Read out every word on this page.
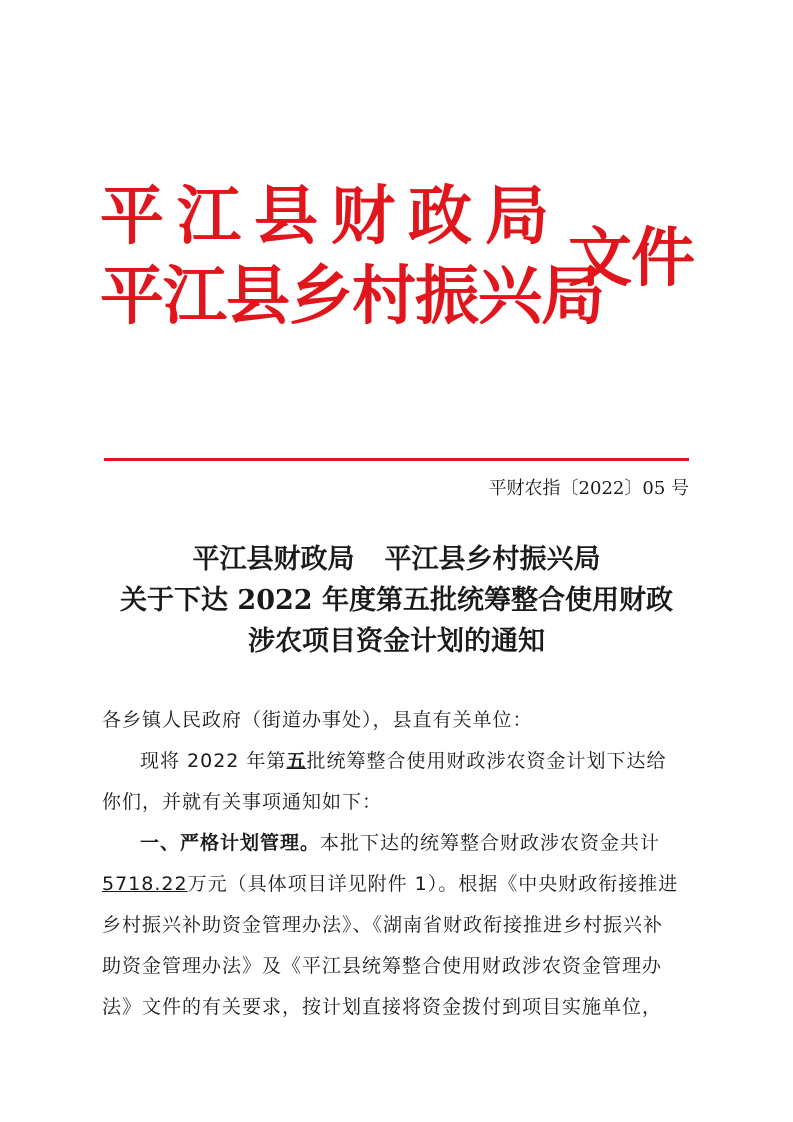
平江县财政局
平江县乡村振兴局
文件
平财农指〔2022〕05 号
平江县财政局 平江县乡村振兴局
关于下达 2022 年度第五批统筹整合使用财政
涉农项目资金计划的通知
各乡镇人民政府（街道办事处），县直有关单位：
现将 2022 年第五批统筹整合使用财政涉农资金计划下达给
你们，并就有关事项通知如下：
一、严格计划管理。本批下达的统筹整合财政涉农资金共计
5718.22万元（具体项目详见附件 1）。根据《中央财政衔接推进
乡村振兴补助资金管理办法》、《湖南省财政衔接推进乡村振兴补
助资金管理办法》及《平江县统筹整合使用财政涉农资金管理办
法》文件的有关要求，按计划直接将资金拨付到项目实施单位，
